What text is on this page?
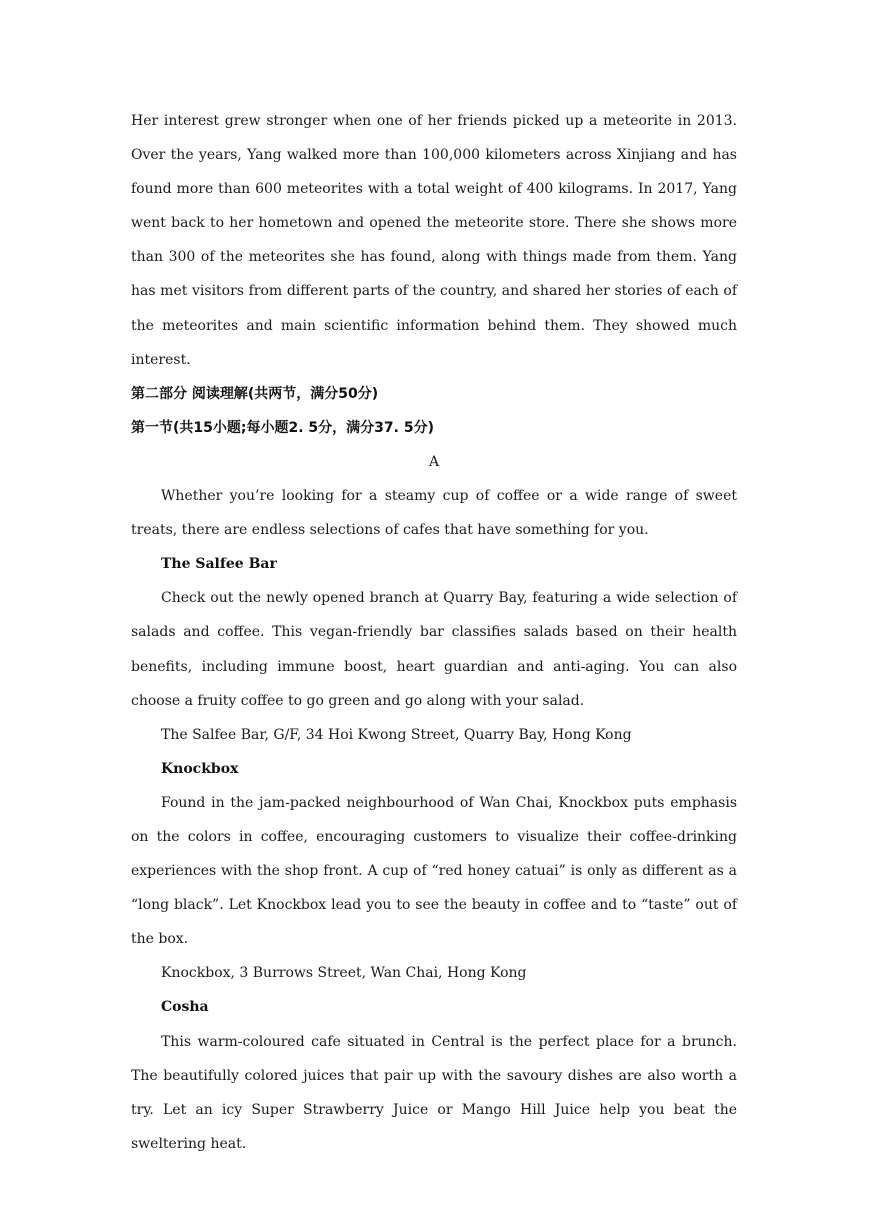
Her interest grew stronger when one of her friends picked up a meteorite in 2013. Over the years, Yang walked more than 100,000 kilometers across Xinjiang and has found more than 600 meteorites with a total weight of 400 kilograms. In 2017, Yang went back to her hometown and opened the meteorite store. There she shows more than 300 of the meteorites she has found, along with things made from them. Yang has met visitors from different parts of the country, and shared her stories of each of the meteorites and main scientific information behind them. They showed much interest.

第二部分 阅读理解(共两节，满分50分)

第一节(共15小题;每小题2. 5分，满分37. 5分)

A

Whether you’re looking for a steamy cup of coffee or a wide range of sweet treats, there are endless selections of cafes that have something for you.

The Salfee Bar

Check out the newly opened branch at Quarry Bay, featuring a wide selection of salads and coffee. This vegan-friendly bar classifies salads based on their health benefits, including immune boost, heart guardian and anti-aging. You can also choose a fruity coffee to go green and go along with your salad.

The Salfee Bar, G/F, 34 Hoi Kwong Street, Quarry Bay, Hong Kong

Knockbox

Found in the jam-packed neighbourhood of Wan Chai, Knockbox puts emphasis on the colors in coffee, encouraging customers to visualize their coffee-drinking experiences with the shop front. A cup of “red honey catuai” is only as different as a “long black”. Let Knockbox lead you to see the beauty in coffee and to “taste” out of the box.

Knockbox, 3 Burrows Street, Wan Chai, Hong Kong

Cosha

This warm-coloured cafe situated in Central is the perfect place for a brunch. The beautifully colored juices that pair up with the savoury dishes are also worth a try. Let an icy Super Strawberry Juice or Mango Hill Juice help you beat the sweltering heat.
